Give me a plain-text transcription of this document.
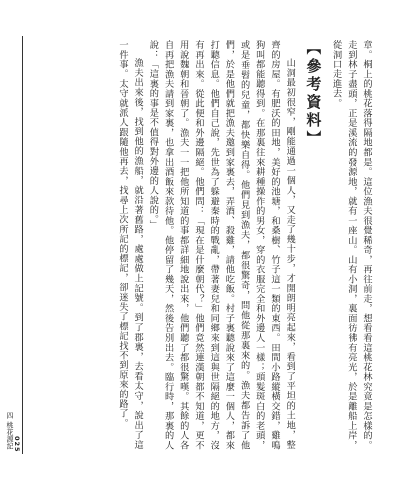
章。桐上的桃花落得隔地都是。這位漁夫很覺稀奇，再往前走，想看看這桃花林究竟是怎樣的。走到林子盡頭，正是溪流的發源地，就有一座山。山有小洞，裏面彷彿有亮光，於是離船上岸，從洞口走進去。

【參考資料】

山洞最初很窄，剛能通過一個人，又走了幾十步，才開朗明亮起來，看到了平坦的土地，整齊的房屋。有肥沃的田地，美好的池塘，和桑樹、竹子這一類的東西。田間小路縱橫交錯，雞鳴狗叫都能聽得到。在那裏往來耕種操作的男女，穿的衣服完全和外邊人一樣；頭髮斑白的老頭，或是垂髫的兒童，都快樂自得。他們見到漁夫，都很驚奇，問他從那裏來的。漁夫都告訴了他們，於是他們就把漁夫邀到家裏去，弄酒、殺雞，請他吃飯。村子裏聽說來了這麼一個人，都來打聽信息。他們自己說，先世為了躲避秦時的戰亂，帶著妻兒和同鄉來到這與世隔絕的地方，沒有再出來。從此便和外邊隔絕。他們問：「現在是什麼朝代？」他們竟然連漢朝都不知道，更不用說魏朝和晉朝了。漁夫一一把他所知道的事都詳細地說出來，他們聽了都很驚嘆。其餘的人各自再把漁夫請到家裏，也拿出酒飯來款待他。他停留了幾天，然後告別出去。臨行時，那裏的人說：「這裏的事是不值得對外邊的人說的。」

漁夫出來後，找到他的漁船，就沿著舊路，處處做上記號。到了郡裏，去看太守，說出了這一件事。太守就派人跟隨他再去，找尋上次所記的標記，卻迷失了標記找不到原來的路了。

四 桃花源記 025
